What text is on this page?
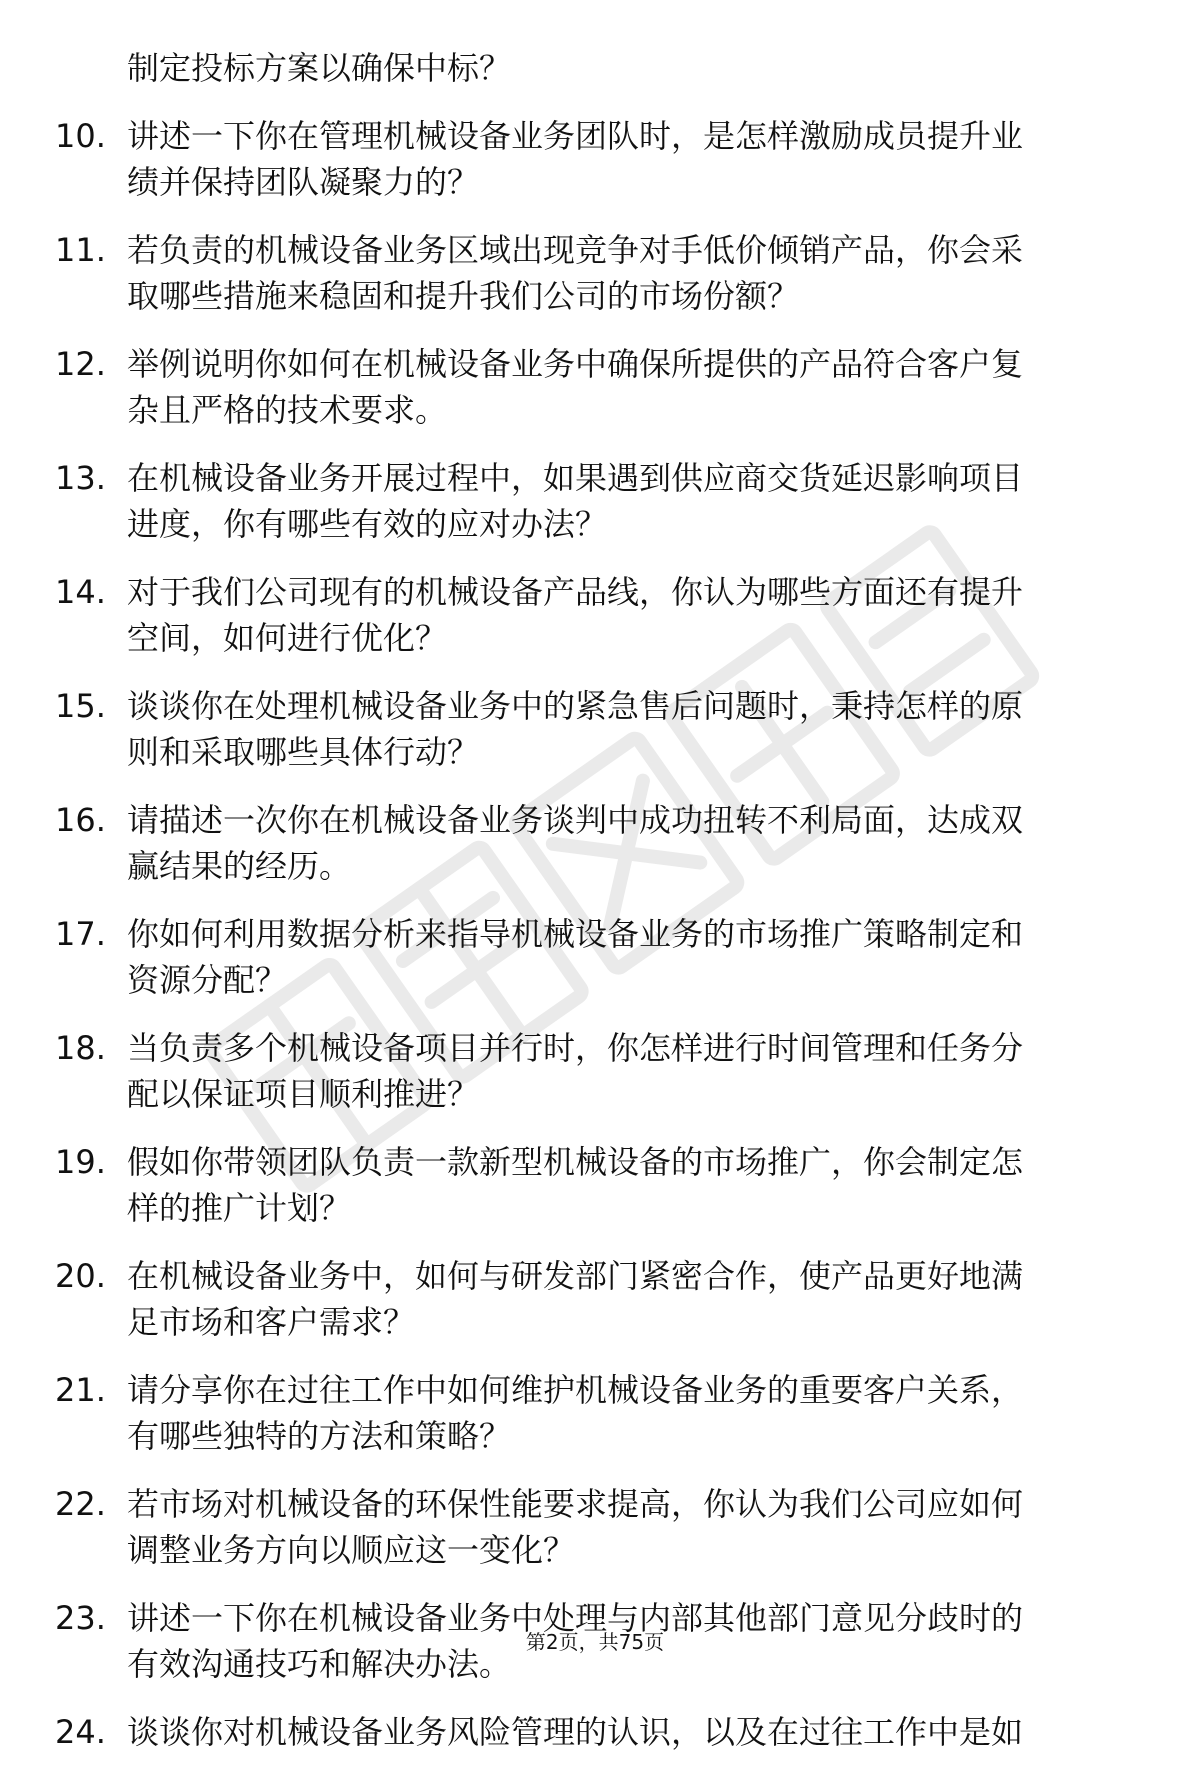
制定投标方案以确保中标？
10. 讲述一下你在管理机械设备业务团队时，是怎样激励成员提升业
绩并保持团队凝聚力的？
11. 若负责的机械设备业务区域出现竞争对手低价倾销产品，你会采
取哪些措施来稳固和提升我们公司的市场份额？
12. 举例说明你如何在机械设备业务中确保所提供的产品符合客户复
杂且严格的技术要求。
13. 在机械设备业务开展过程中，如果遇到供应商交货延迟影响项目
进度，你有哪些有效的应对办法？
14. 对于我们公司现有的机械设备产品线，你认为哪些方面还有提升
空间，如何进行优化？
15. 谈谈你在处理机械设备业务中的紧急售后问题时，秉持怎样的原
则和采取哪些具体行动？
16. 请描述一次你在机械设备业务谈判中成功扭转不利局面，达成双
赢结果的经历。
17. 你如何利用数据分析来指导机械设备业务的市场推广策略制定和
资源分配？
18. 当负责多个机械设备项目并行时，你怎样进行时间管理和任务分
配以保证项目顺利推进？
19. 假如你带领团队负责一款新型机械设备的市场推广，你会制定怎
样的推广计划？
20. 在机械设备业务中，如何与研发部门紧密合作，使产品更好地满
足市场和客户需求？
21. 请分享你在过往工作中如何维护机械设备业务的重要客户关系，
有哪些独特的方法和策略？
22. 若市场对机械设备的环保性能要求提高，你认为我们公司应如何
调整业务方向以顺应这一变化？
23. 讲述一下你在机械设备业务中处理与内部其他部门意见分歧时的
有效沟通技巧和解决办法。
24. 谈谈你对机械设备业务风险管理的认识，以及在过往工作中是如
第2页，共75页
